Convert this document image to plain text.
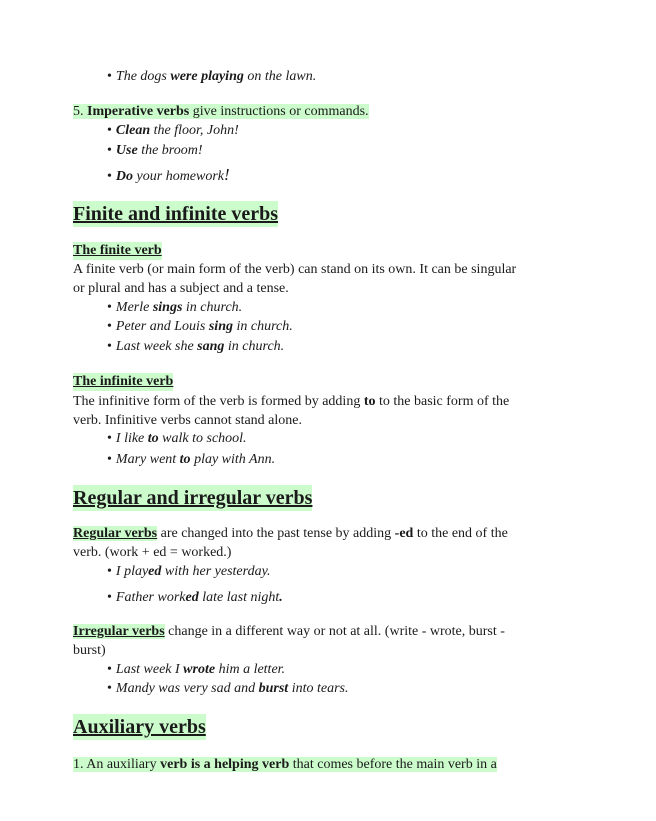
• The dogs were playing on the lawn.
5. Imperative verbs give instructions or commands.
• Clean the floor, John!
• Use the broom!
• Do your homework!
Finite and infinite verbs
The finite verb
A finite verb (or main form of the verb) can stand on its own. It can be singular
or plural and has a subject and a tense.
• Merle sings in church.
• Peter and Louis sing in church.
• Last week she sang in church.
The infinite verb
The infinitive form of the verb is formed by adding to to the basic form of the
verb. Infinitive verbs cannot stand alone.
• I like to walk to school.
• Mary went to play with Ann.
Regular and irregular verbs
Regular verbs are changed into the past tense by adding -ed to the end of the
verb. (work + ed = worked.)
• I played with her yesterday.
• Father worked late last night.
Irregular verbs change in a different way or not at all. (write - wrote, burst -
burst)
• Last week I wrote him a letter.
• Mandy was very sad and burst into tears.
Auxiliary verbs
1. An auxiliary verb is a helping verb that comes before the main verb in a
